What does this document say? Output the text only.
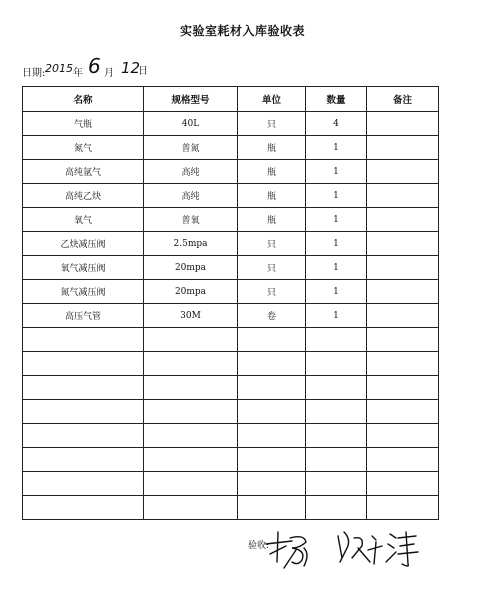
实验室耗材入库验收表
日期: 2015 年 6 月 12
日
名称	规格型号	单位	数量	备注
气瓶	40L	只	4	
氮气	普氮	瓶	1	
高纯氩气	高纯	瓶	1	
高纯乙炔	高纯	瓶	1	
氧气	普氧	瓶	1	
乙炔减压阀	2.5mpa	只	1	
氧气减压阀	20mpa	只	1	
氮气减压阀	20mpa	只	1	
高压气管	30M	卷	1	

验收:
